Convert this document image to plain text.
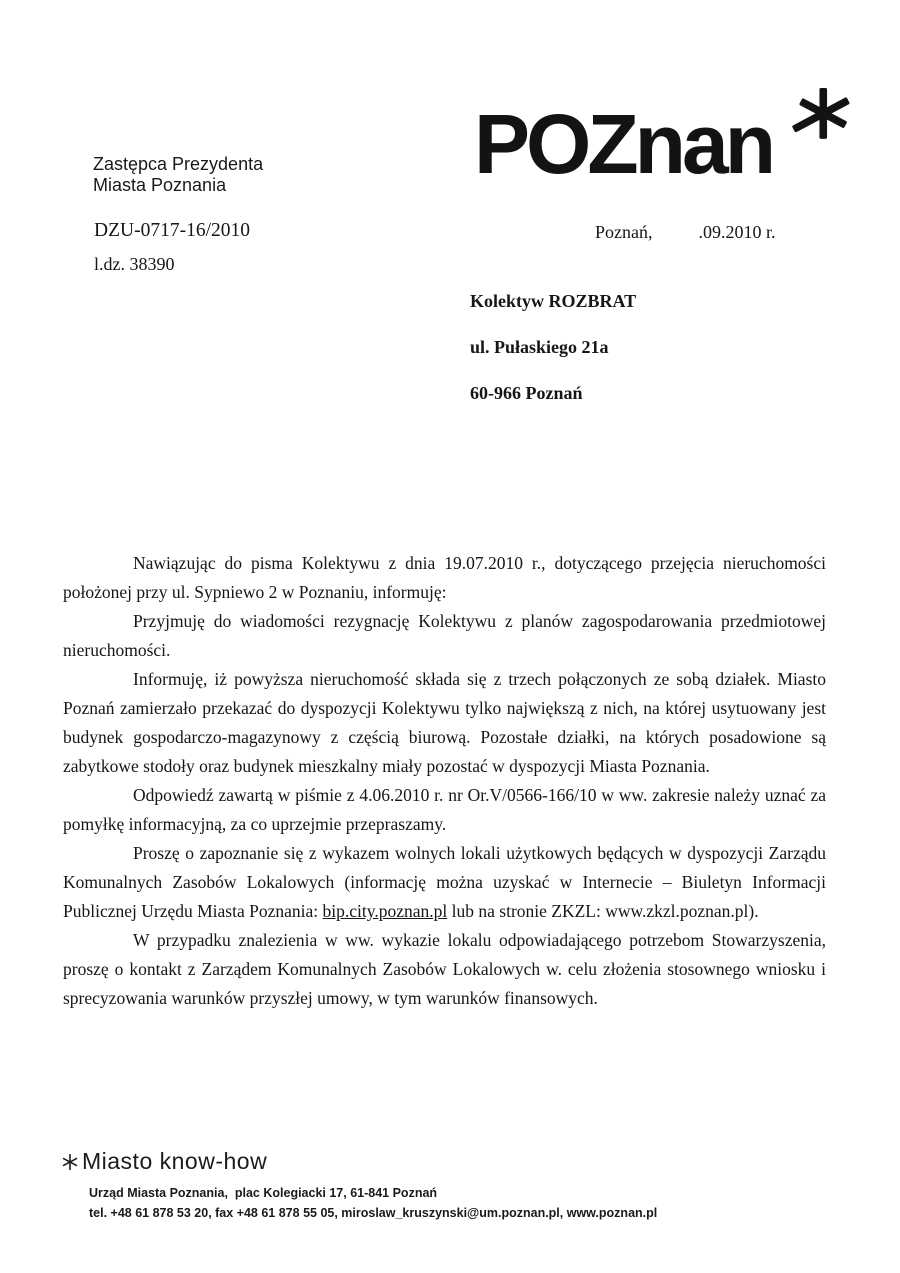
Zastępca Prezydenta
Miasta Poznania	POZnan
DZU-0717-16/2010
l.dz. 38390
Poznań,	.09.2010 r.
Kolektyw ROZBRAT
ul. Pułaskiego 21a
60-966 Poznań

Nawiązując do pisma Kolektywu z dnia 19.07.2010 r., dotyczącego przejęcia nieruchomości położonej przy ul. Sypniewo 2 w Poznaniu, informuję:

Przyjmuję do wiadomości rezygnację Kolektywu z planów zagospodarowania przedmiotowej nieruchomości.

Informuję, iż powyższa nieruchomość składa się z trzech połączonych ze sobą działek. Miasto Poznań zamierzało przekazać do dyspozycji Kolektywu tylko największą z nich, na której usytuowany jest budynek gospodarczo-magazynowy z częścią biurową. Pozostałe działki, na których posadowione są zabytkowe stodoły oraz budynek mieszkalny miały pozostać w dyspozycji Miasta Poznania.

Odpowiedź zawartą w piśmie z 4.06.2010 r. nr Or.V/0566-166/10 w ww. zakresie należy uznać za pomyłkę informacyjną, za co uprzejmie przepraszamy.

Proszę o zapoznanie się z wykazem wolnych lokali użytkowych będących w dyspozycji Zarządu Komunalnych Zasobów Lokalowych (informację można uzyskać w Internecie – Biuletyn Informacji Publicznej Urzędu Miasta Poznania: bip.city.poznan.pl lub na stronie ZKZL: www.zkzl.poznan.pl).

W przypadku znalezienia w ww. wykazie lokalu odpowiadającego potrzebom Stowarzyszenia, proszę o kontakt z Zarządem Komunalnych Zasobów Lokalowych w. celu złożenia stosownego wniosku i sprecyzowania warunków przyszłej umowy, w tym warunków finansowych.

Miasto know-how
Urząd Miasta Poznania,  plac Kolegiacki 17, 61-841 Poznań
tel. +48 61 878 53 20, fax +48 61 878 55 05, miroslaw_kruszynski@um.poznan.pl, www.poznan.pl
